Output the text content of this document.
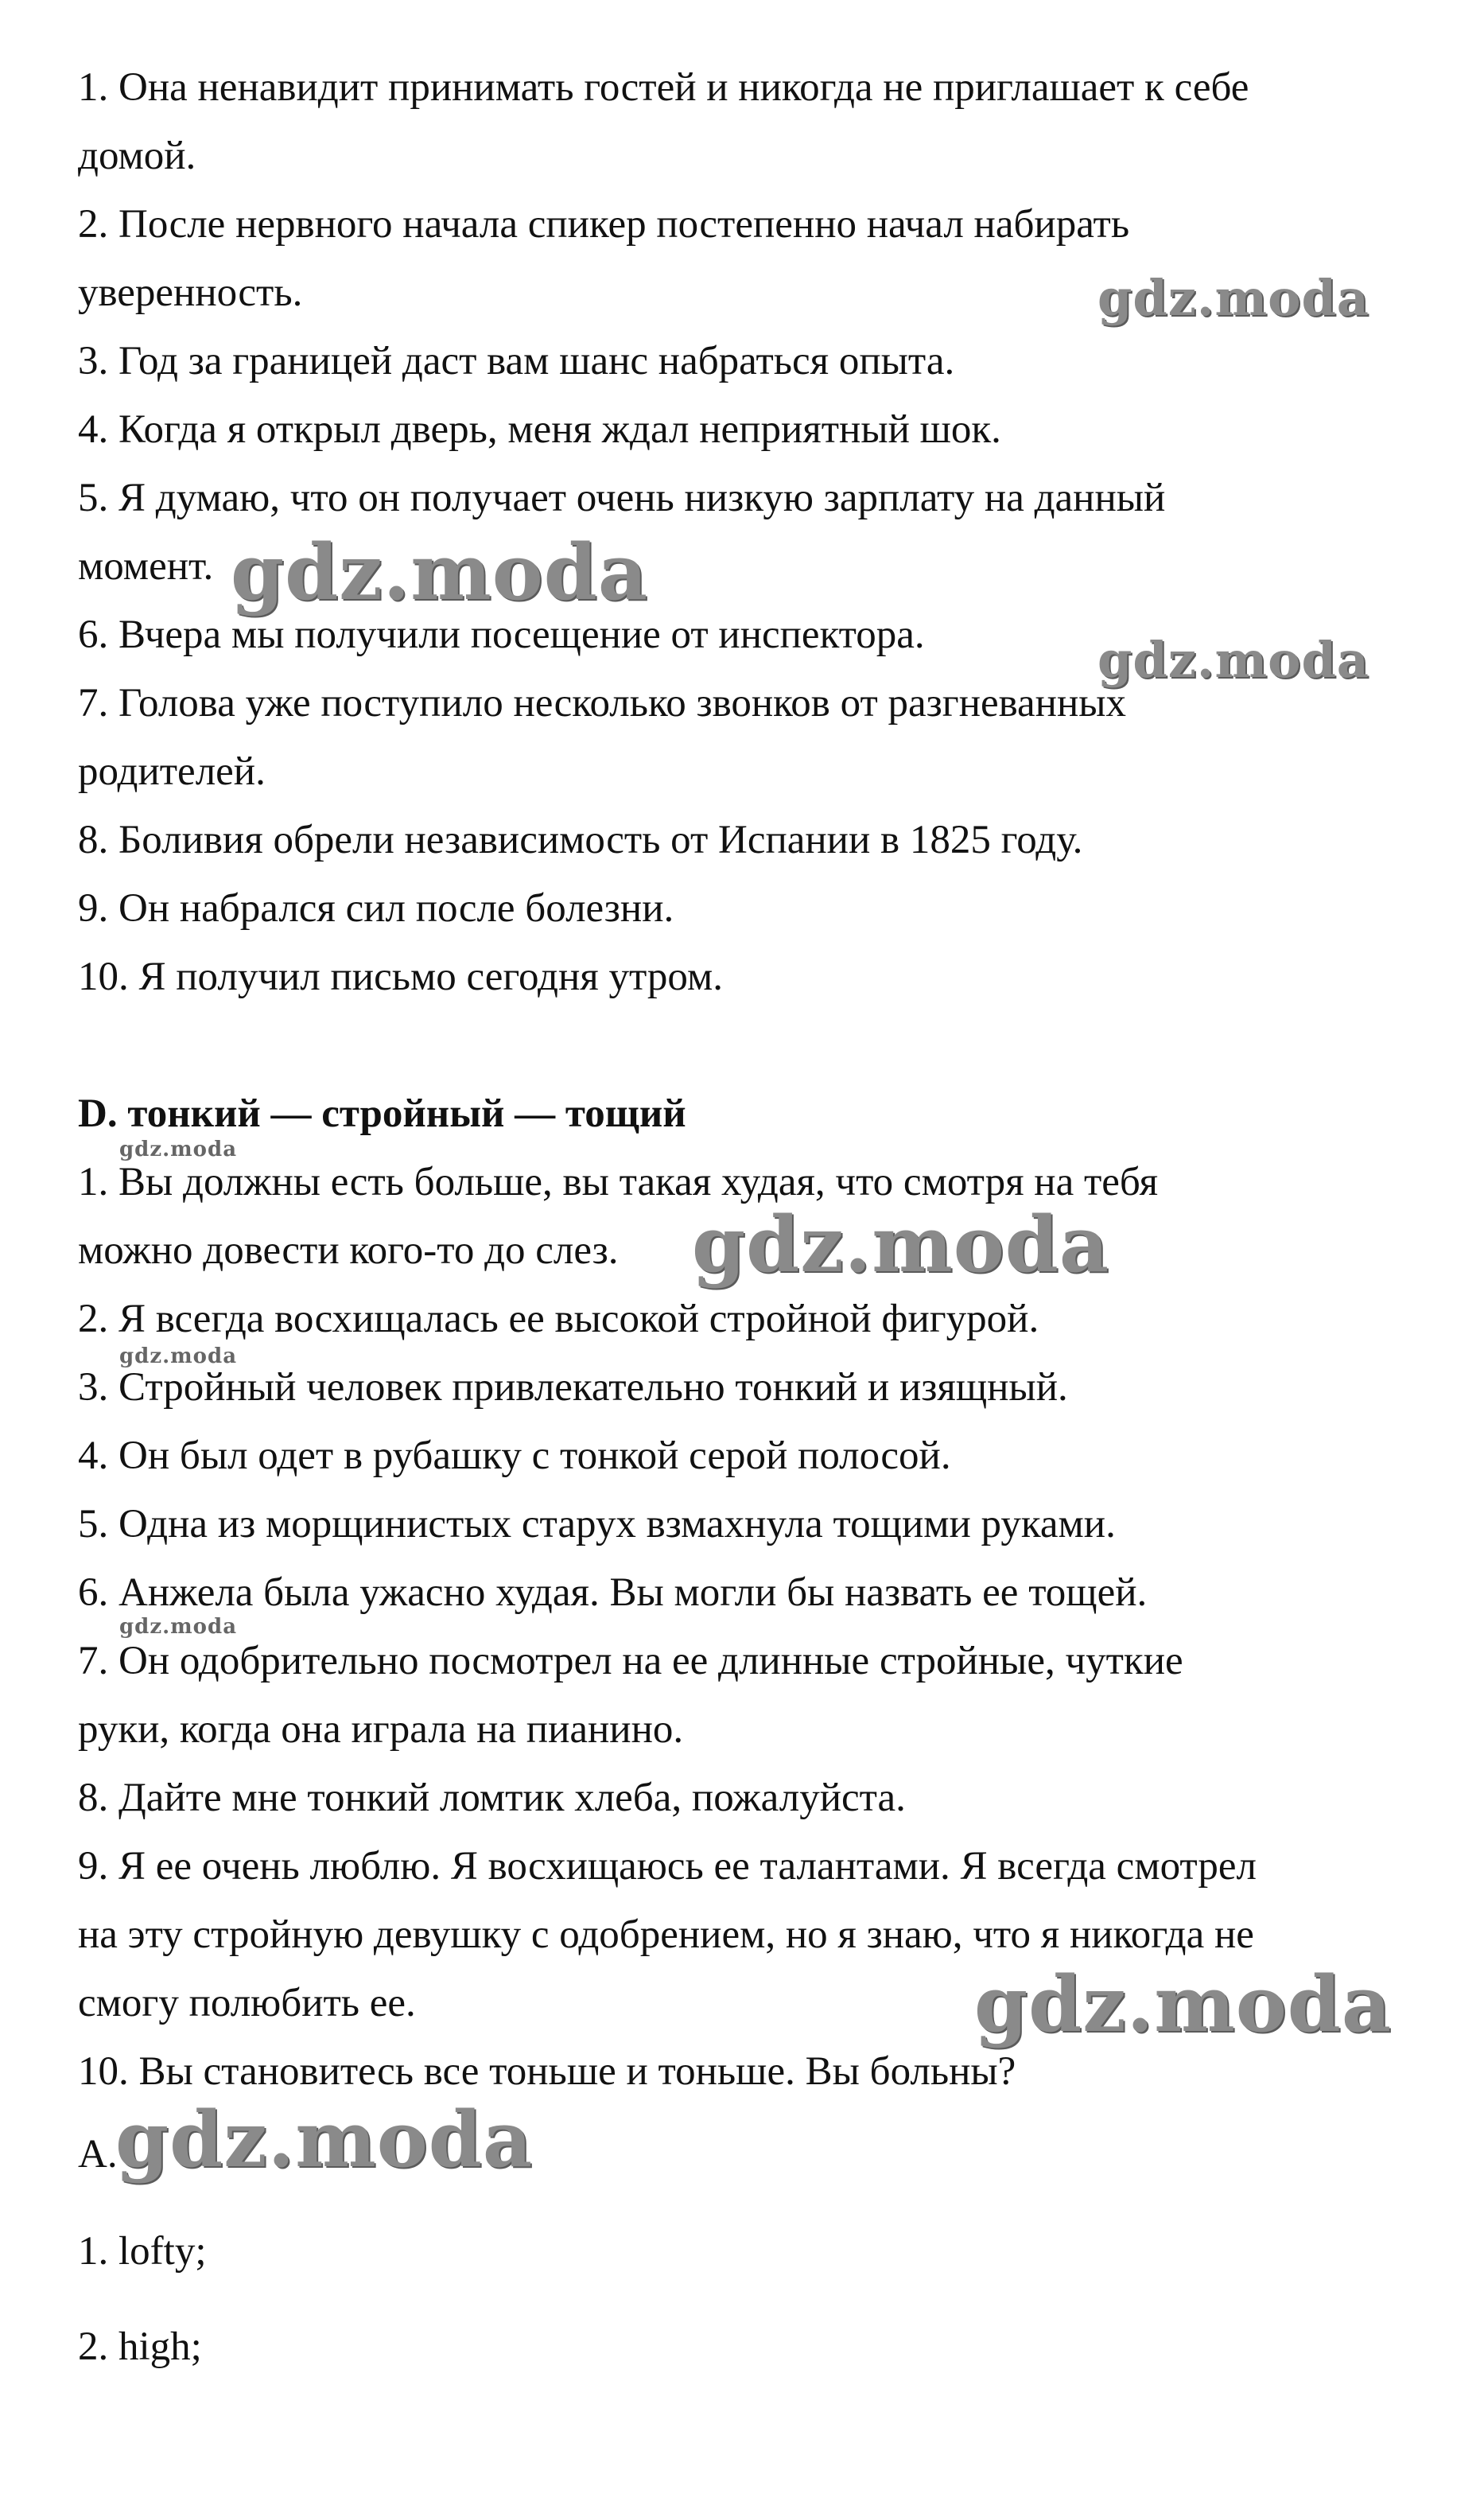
1. Она ненавидит принимать гостей и никогда не приглашает к себе
домой.
2. После нервного начала спикер постепенно начал набирать
уверенность.
3. Год за границей даст вам шанс набраться опыта.
4. Когда я открыл дверь, меня ждал неприятный шок.
5. Я думаю, что он получает очень низкую зарплату на данный
момент.
6. Вчера мы получили посещение от инспектора.
7. Голова уже поступило несколько звонков от разгневанных
родителей.
8. Боливия обрели независимость от Испании в 1825 году.
9. Он набрался сил после болезни.
10. Я получил письмо сегодня утром.
D. тонкий — стройный — тощий
1. Вы должны есть больше, вы такая худая, что смотря на тебя
можно довести кого-то до слез.
2. Я всегда восхищалась ее высокой стройной фигурой.
3. Стройный человек привлекательно тонкий и изящный.
4. Он был одет в рубашку с тонкой серой полосой.
5. Одна из морщинистых старух взмахнула тощими руками.
6. Анжела была ужасно худая. Вы могли бы назвать ее тощей.
7. Он одобрительно посмотрел на ее длинные стройные, чуткие
руки, когда она играла на пианино.
8. Дайте мне тонкий ломтик хлеба, пожалуйста.
9. Я ее очень люблю. Я восхищаюсь ее талантами. Я всегда смотрел
на эту стройную девушку с одобрением, но я знаю, что я никогда не
смогу полюбить ее.
10. Вы становитесь все тоньше и тоньше. Вы больны?
A.
1. lofty;
2. high;
gdz.moda
gdz.moda
gdz.moda
gdz.moda
gdz.moda
gdz.moda
gdz.moda
gdz.moda
gdz.moda
